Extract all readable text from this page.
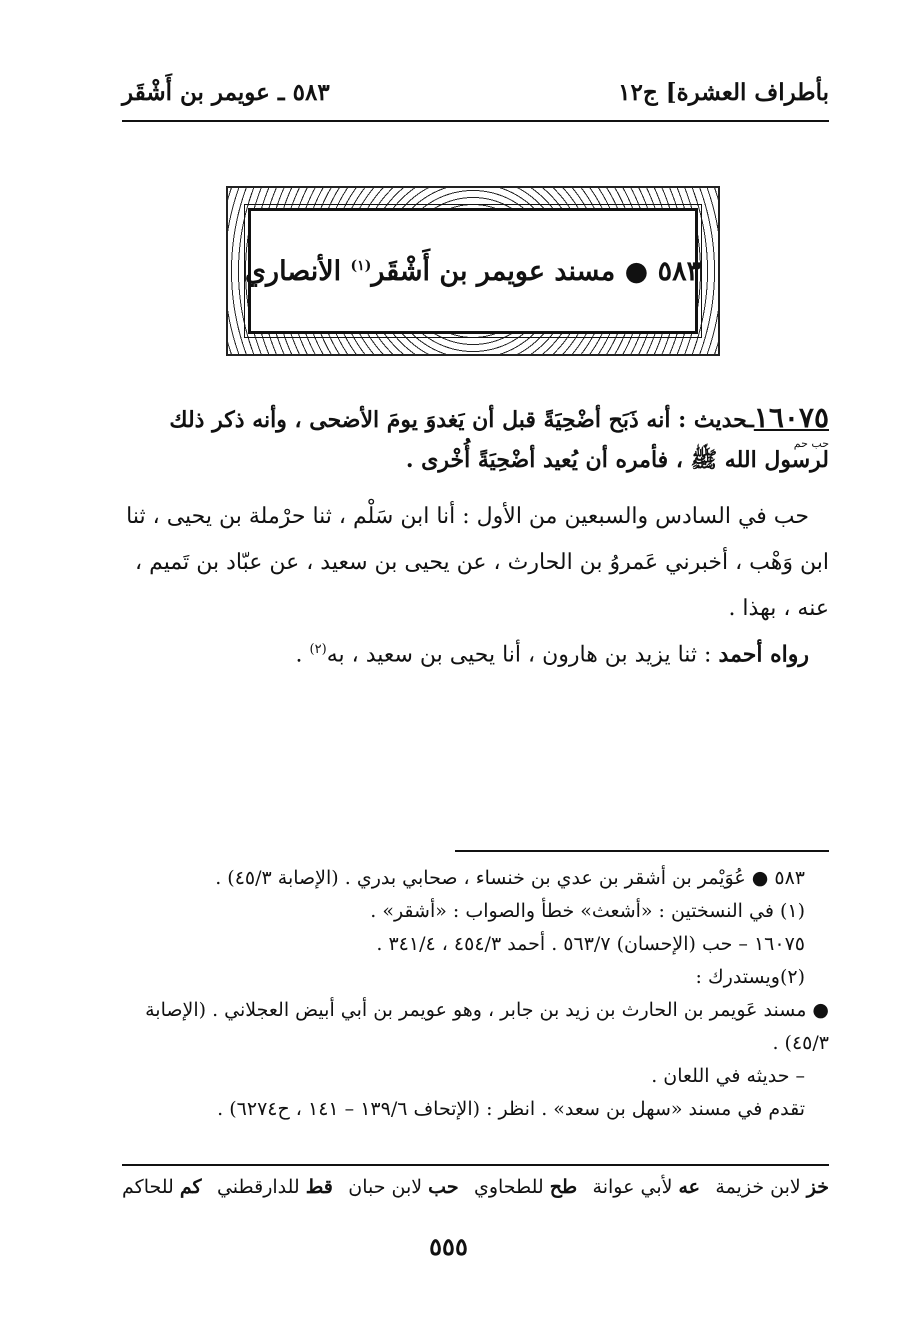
بأطراف العشرة] ج١٢
٥٨٣ ـ عويمر بن أَشْقَر
٥٨٣ ● مسند عويمر بن أَشْقَر$^{(١)}$ الأنصاري
حب حم
١٦٠٧٥ـحديث : أنه ذَبَح أضْحِيَةً قبل أن يَغدوَ يومَ الأضحى ، وأنه ذكر ذلك
لرسول الله ﷺ ، فأمره أن يُعيد أضْحِيَةً أُخْرى .
حب في السادس والسبعين من الأول : أنا ابن سَلْم ، ثنا حرْملة بن يحيى ، ثنا ابن وَهْب ، أخبرني عَمروُ بن الحارث ، عن يحيى بن سعيد ، عن عبّاد بن تَميم ، عنه ، بهذا .
رواه أحمد : ثنا يزيد بن هارون ، أنا يحيى بن سعيد ، به$^{(٢)}$ .

٥٨٣ ● عُوَيْمر بن أشقر بن عدي بن خنساء ، صحابي بدري . (الإصابة ٤٥/٣) .

(١) في النسختين : «أشعث» خطأ والصواب : «أشقر» .

١٦٠٧٥ – حب (الإحسان) ٥٦٣/٧ . أحمد ٤٥٤/٣ ، ٣٤١/٤ .

(٢)ويستدرك :

● مسند عَويمر بن الحارث بن زيد بن جابر ، وهو عويمر بن أبي أبيض العجلاني . (الإصابة ٤٥/٣) .

– حديثه في اللعان .

تقدم في مسند «سهل بن سعد» . انظر : (الإتحاف ١٣٩/٦ – ١٤١ ، ح٦٢٧٤) .

خز لابن خزيمة
عه لأبي عوانة
طح للطحاوي
حب لابن حبان
قط للدارقطني
كم للحاكم
٥٥٥
